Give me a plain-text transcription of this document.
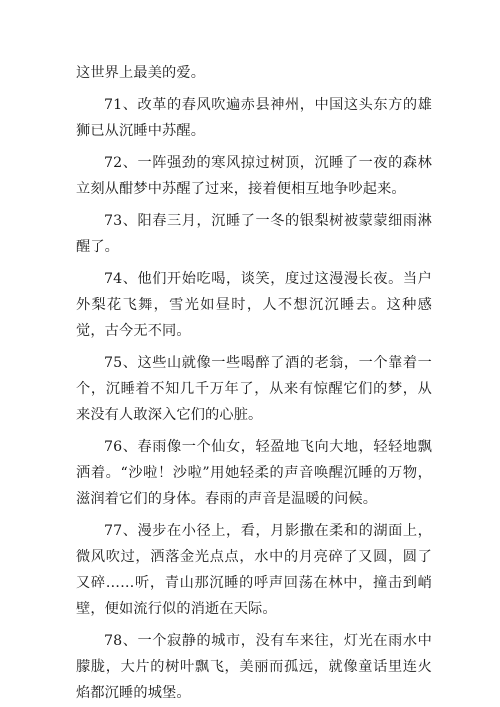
这世界上最美的爱。

71、改革的春风吹遍赤县神州，中国这头东方的雄狮已从沉睡中苏醒。

72、一阵强劲的寒风掠过树顶，沉睡了一夜的森林立刻从酣梦中苏醒了过来，接着便相互地争吵起来。

73、阳春三月，沉睡了一冬的银梨树被蒙蒙细雨淋醒了。

74、他们开始吃喝，谈笑，度过这漫漫长夜。当户外梨花飞舞，雪光如昼时，人不想沉沉睡去。这种感觉，古今无不同。

75、这些山就像一些喝醉了酒的老翁，一个靠着一个，沉睡着不知几千万年了，从来有惊醒它们的梦，从来没有人敢深入它们的心脏。

76、春雨像一个仙女，轻盈地飞向大地，轻轻地飘洒着。“沙啦！沙啦”用她轻柔的声音唤醒沉睡的万物，滋润着它们的身体。春雨的声音是温暖的问候。

77、漫步在小径上，看，月影撒在柔和的湖面上，微风吹过，洒落金光点点，水中的月亮碎了又圆，圆了又碎……听，青山那沉睡的呼声回荡在林中，撞击到峭壁，便如流行似的消逝在天际。

78、一个寂静的城市，没有车来往，灯光在雨水中朦胧，大片的树叶飘飞，美丽而孤远，就像童话里连火焰都沉睡的城堡。
